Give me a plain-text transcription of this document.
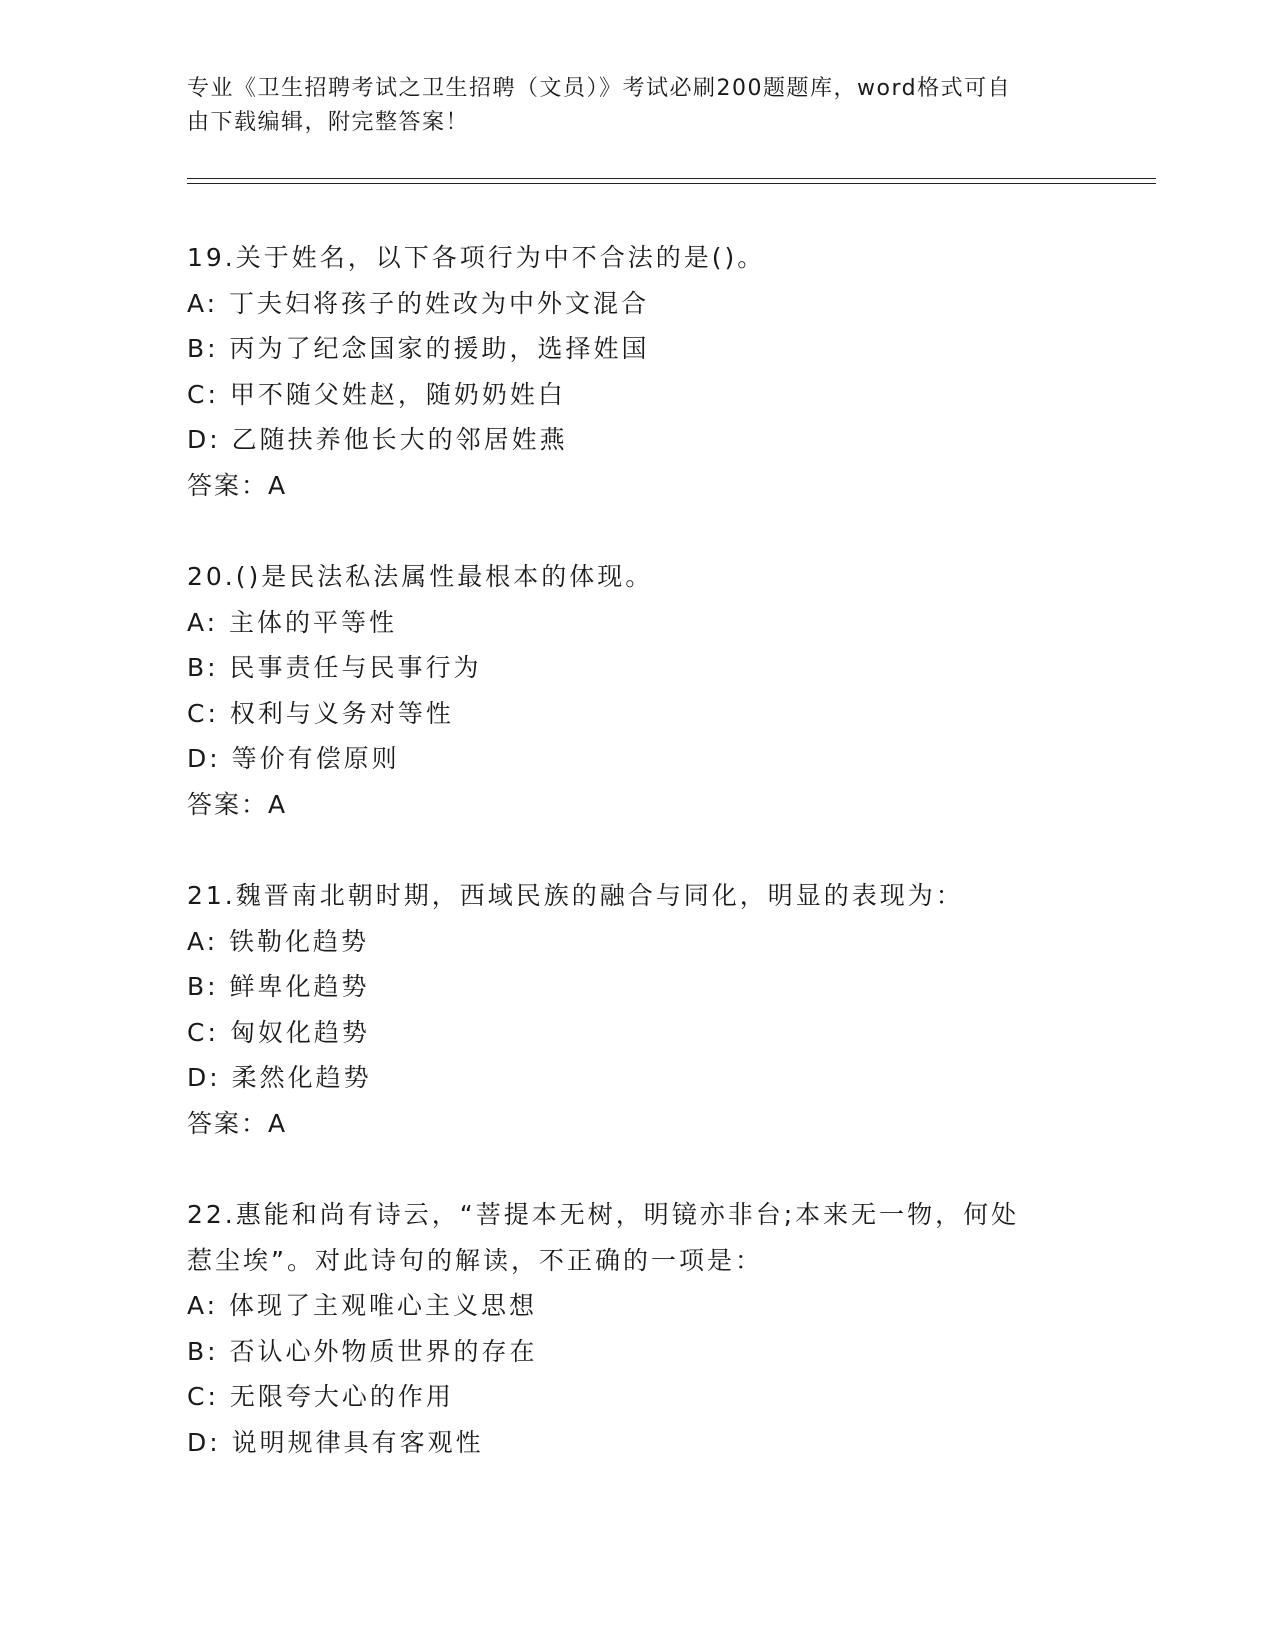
专业《卫生招聘考试之卫生招聘（文员）》考试必刷200题题库，word格式可自
由下载编辑，附完整答案！
19.关于姓名，以下各项行为中不合法的是()。
A: 丁夫妇将孩子的姓改为中外文混合
B: 丙为了纪念国家的援助，选择姓国
C: 甲不随父姓赵，随奶奶姓白
D: 乙随扶养他长大的邻居姓燕
答案：A
20.()是民法私法属性最根本的体现。
A: 主体的平等性
B: 民事责任与民事行为
C: 权利与义务对等性
D: 等价有偿原则
答案：A
21.魏晋南北朝时期，西域民族的融合与同化，明显的表现为：
A: 铁勒化趋势
B: 鲜卑化趋势
C: 匈奴化趋势
D: 柔然化趋势
答案：A
22.惠能和尚有诗云，“菩提本无树，明镜亦非台;本来无一物，何处
惹尘埃”。对此诗句的解读，不正确的一项是：
A: 体现了主观唯心主义思想
B: 否认心外物质世界的存在
C: 无限夸大心的作用
D: 说明规律具有客观性
